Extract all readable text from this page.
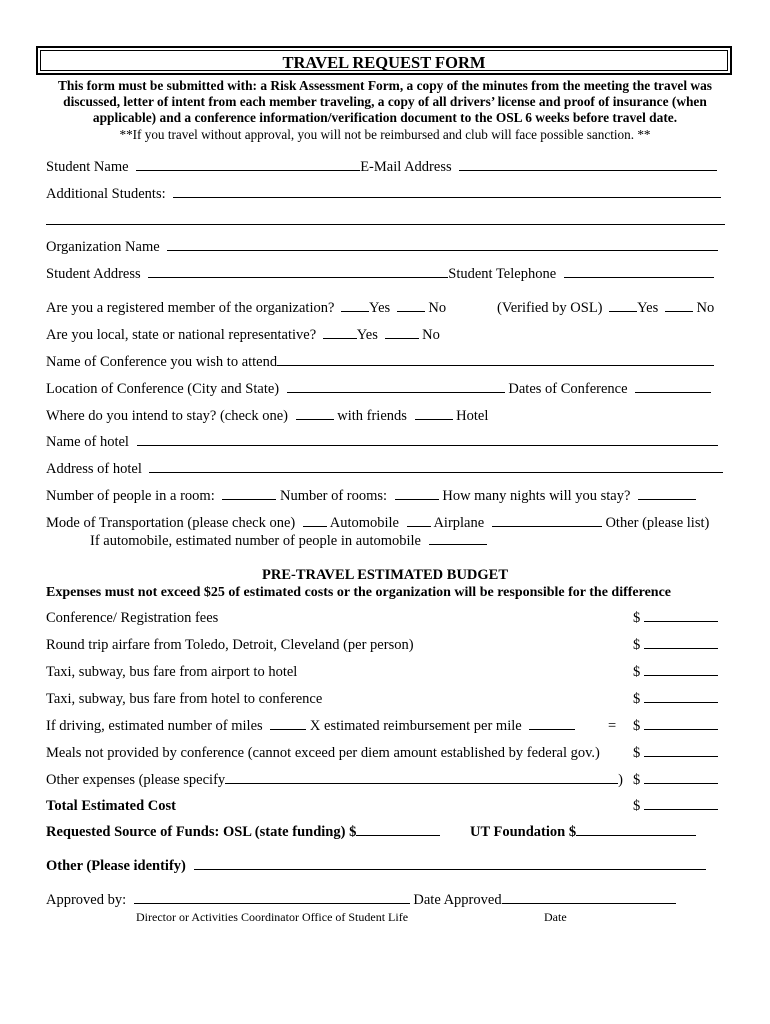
TRAVEL REQUEST FORM
This form must be submitted with: a Risk Assessment Form, a copy of the minutes from the meeting the travel was
discussed, letter of intent from each member traveling, a copy of all drivers’ license and proof of insurance (when
applicable) and a conference information/verification document to the OSL 6 weeks before travel date.
**If you travel without approval, you will not be reimbursed and club will face possible sanction. **
Student Name	E-Mail Address
Additional Students:
Organization Name
Student Address	Student Telephone
Are you a registered member of the organization? Yes	No	(Verified by OSL) Yes	No
Are you local, state or national representative?	Yes	No
Name of Conference you wish to attend
Location of Conference (City and State)	Dates of Conference
Where do you intend to stay? (check one)	with friends	Hotel
Name of hotel
Address of hotel
Number of people in a room:	Number of rooms:	How many nights will you stay?
Mode of Transportation (please check one) Automobile Airplane	Other (please list)
If automobile, estimated number of people in automobile
PRE-TRAVEL ESTIMATED BUDGET
Expenses must not exceed $25 of estimated costs or the organization will be responsible for the difference
Conference/ Registration fees	$
Round trip airfare from Toledo, Detroit, Cleveland (per person)	$
Taxi, subway, bus fare from airport to hotel	$
Taxi, subway, bus fare from hotel to conference	$
If driving, estimated number of miles	X estimated reimbursement per mile	= $
Meals not provided by conference (cannot exceed per diem amount established by federal gov.) $
Other expenses (please specify	) $
Total Estimated Cost	$
Requested Source of Funds: OSL (state funding) $	UT Foundation $
Other (Please identify)
Approved by:	Date Approved
Director or Activities Coordinator Office of Student Life	Date
